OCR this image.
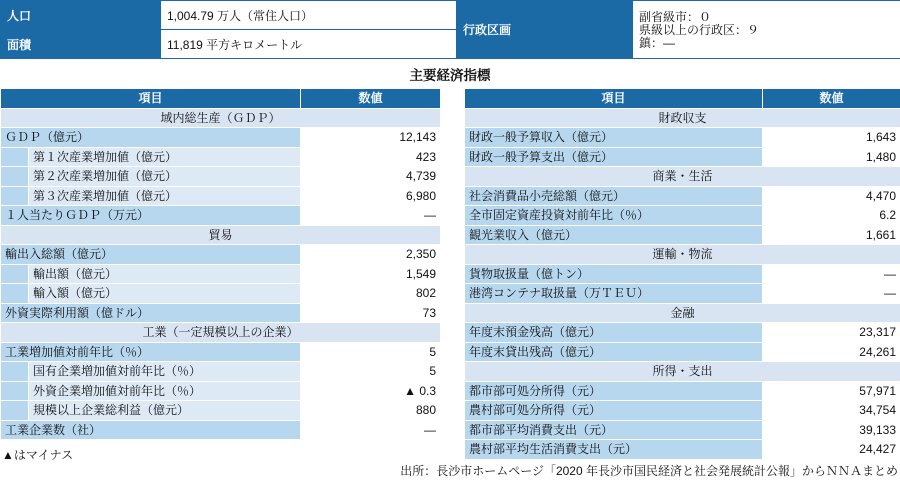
人口	1,004.79 万人（常住人口）	行政区画	副省級市：０
県級以上の行政区：９
鎮：―

面積	11,819 平方キロメートル		
主要経済指標
項目		数値
域内総生産（ＧＤＰ）		
ＧＤＰ（億元）		12,143
	第１次産業増加値（億元）	423
	第２次産業増加値（億元）	4,739
	第３次産業増加値（億元）	6,980
１人当たりＧＤＰ（万元）		―
貿易		
輸出入総額（億元）		2,350
	輸出額（億元）	1,549
	輸入額（億元）	802
外資実際利用額（億ドル）		73
工業（一定規模以上の企業）		
工業増加値対前年比（％）		5
	国有企業増加値対前年比（％）	5
	外資企業増加値対前年比（％）	▲ 0.3
	規模以上企業総利益（億元）	880
工業企業数（社）		―
項目	数値
財政収支	
財政一般予算収入（億元）	1,643
財政一般予算支出（億元）	1,480
商業・生活	
社会消費品小売総額（億元）	4,470
全市固定資産投資対前年比（％）	6.2
観光業収入（億元）	1,661
運輸・物流	
貨物取扱量（億トン）	―
港湾コンテナ取扱量（万ＴＥＵ）	―
金融	
年度末預金残高（億元）	23,317
年度末貸出残高（億元）	24,261
所得・支出	
都市部可処分所得（元）	57,971
農村部可処分所得（元）	34,754
都市部平均消費支出（元）	39,133
農村部平均生活消費支出（元）	24,427
▲はマイナス
出所：長沙市ホームページ「2020 年長沙市国民経済と社会発展統計公報」からＮＮＡまとめ
